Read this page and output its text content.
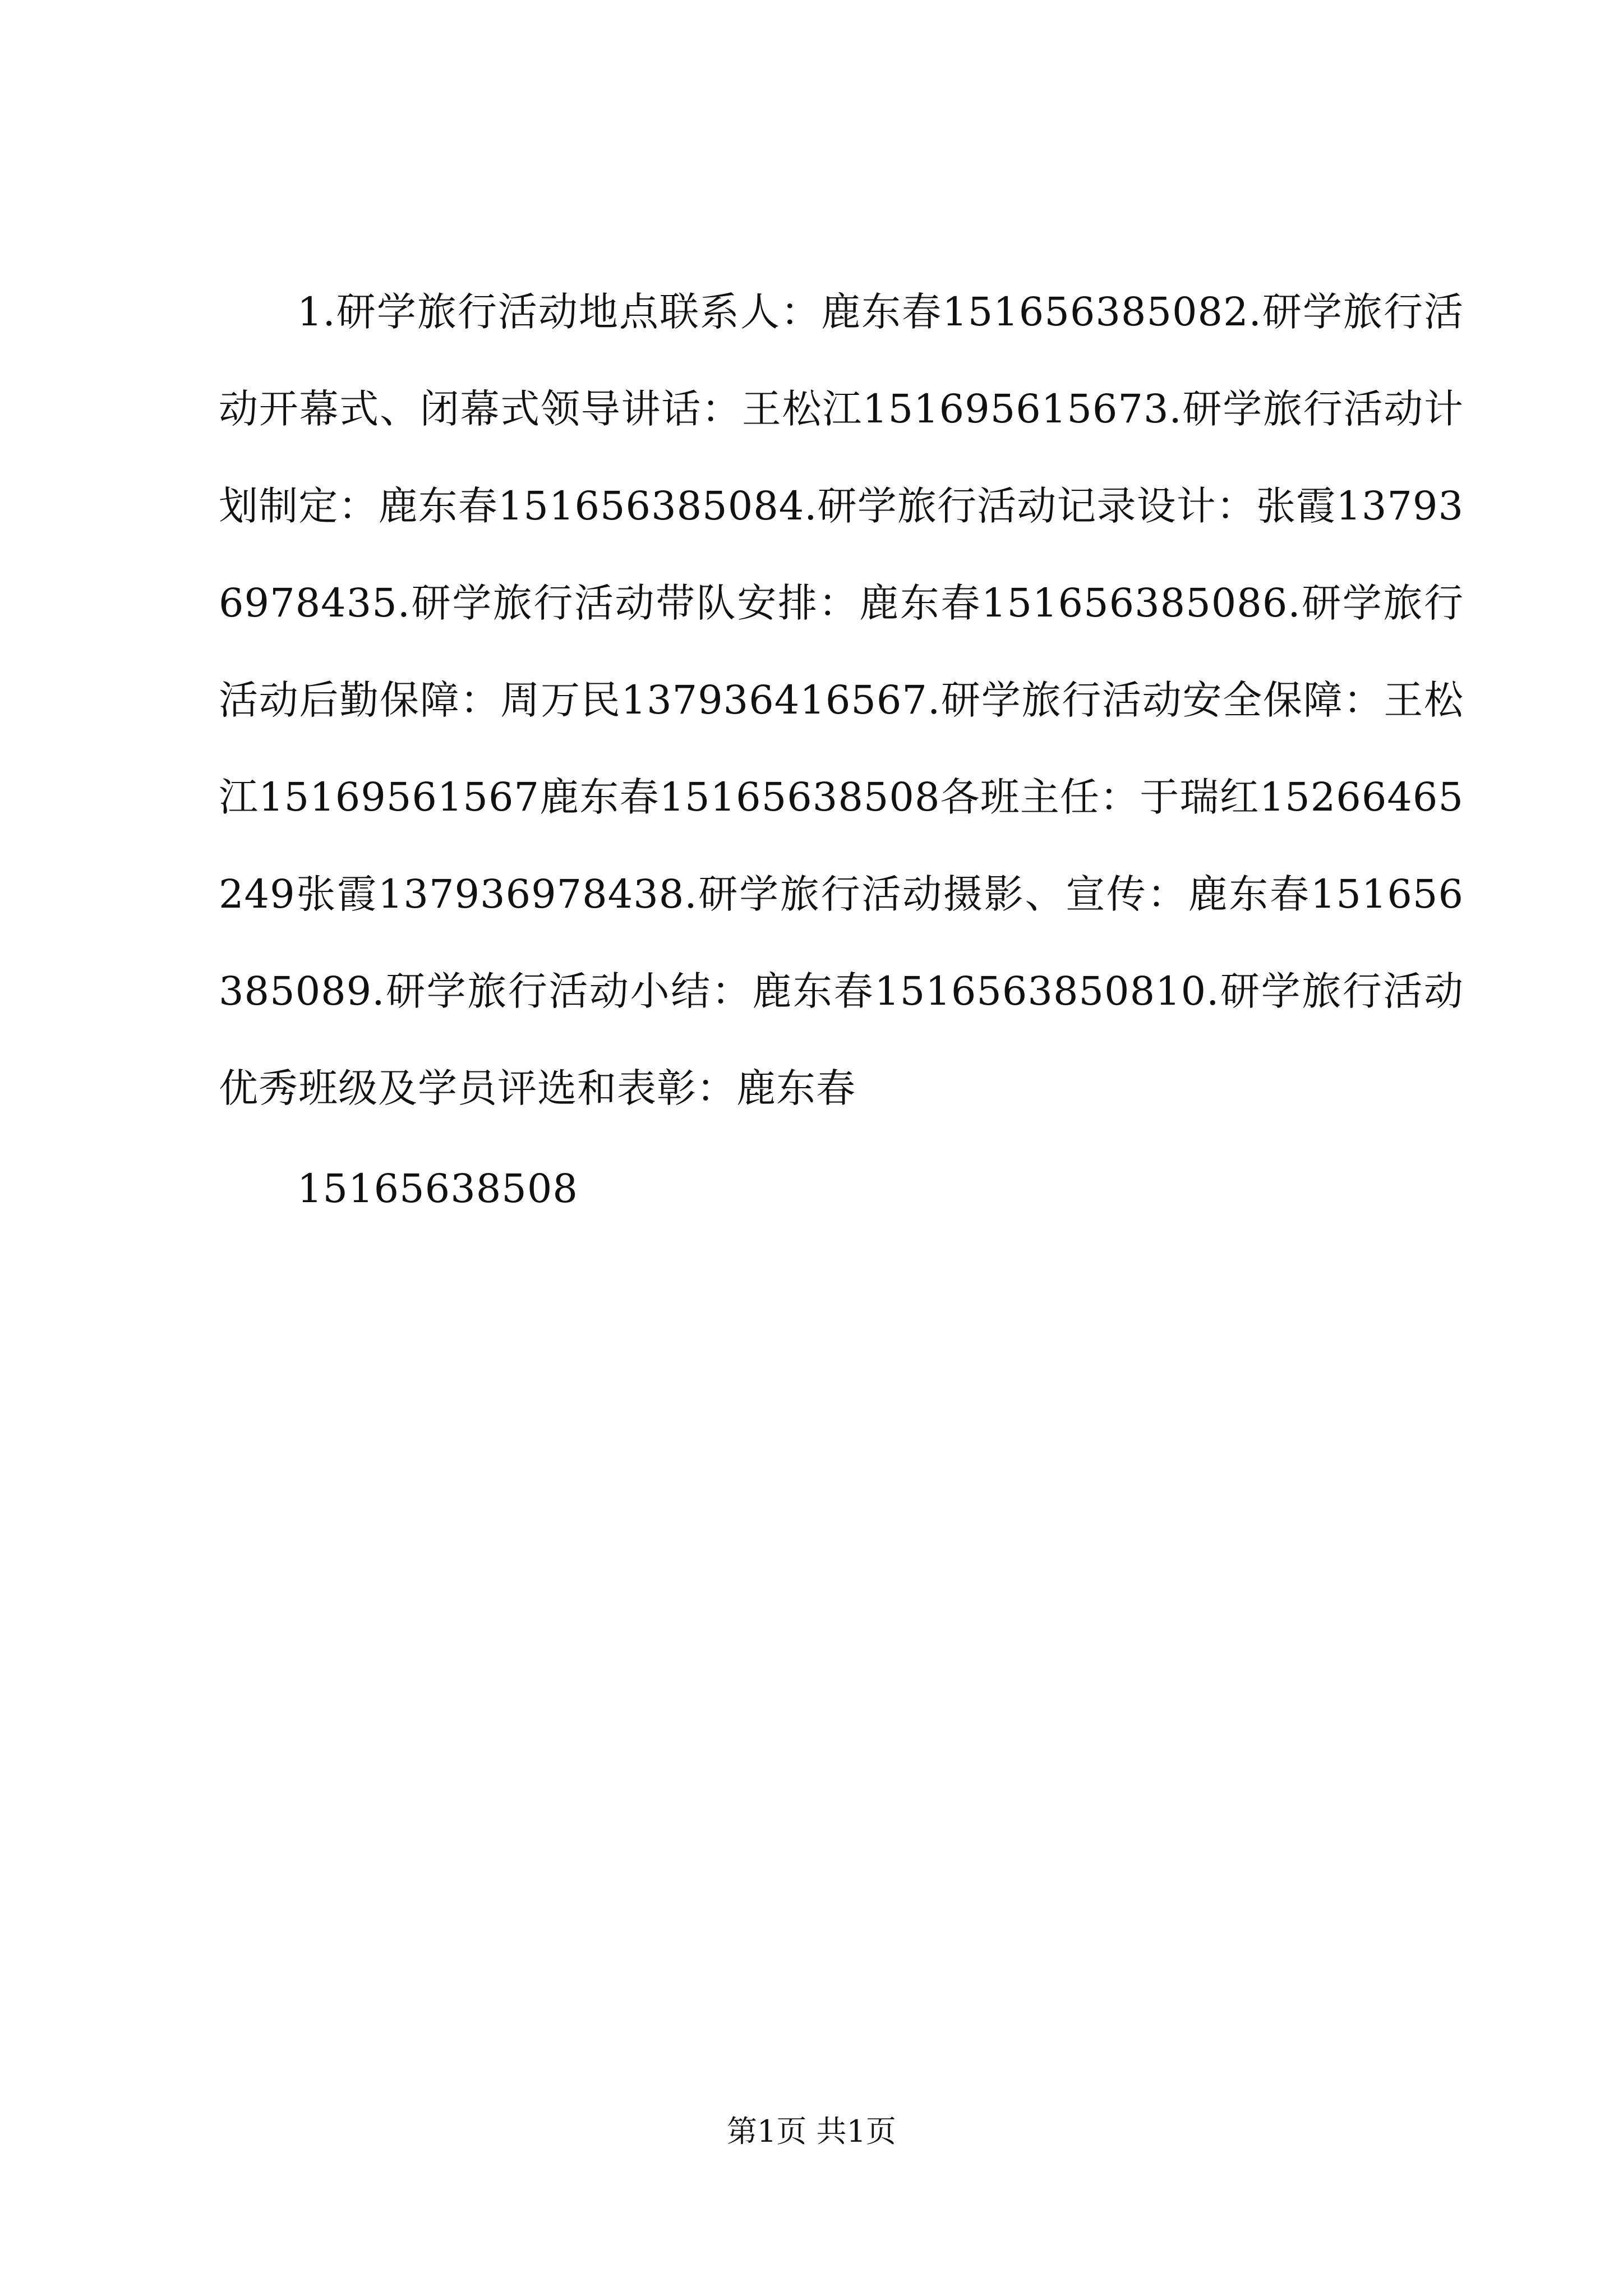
1.研学旅行活动地点联系人：鹿东春151656385082.研学旅行活动开幕式、闭幕式领导讲话：王松江151695615673.研学旅行活动计划制定：鹿东春151656385084.研学旅行活动记录设计：张霞137936978435.研学旅行活动带队安排：鹿东春151656385086.研学旅行活动后勤保障：周万民137936416567.研学旅行活动安全保障：王松江15169561567鹿东春15165638508各班主任：于瑞红15266465249张霞137936978438.研学旅行活动摄影、宣传：鹿东春151656385089.研学旅行活动小结：鹿东春1516563850810.研学旅行活动优秀班级及学员评选和表彰：鹿东春

15165638508

第1页 共1页
